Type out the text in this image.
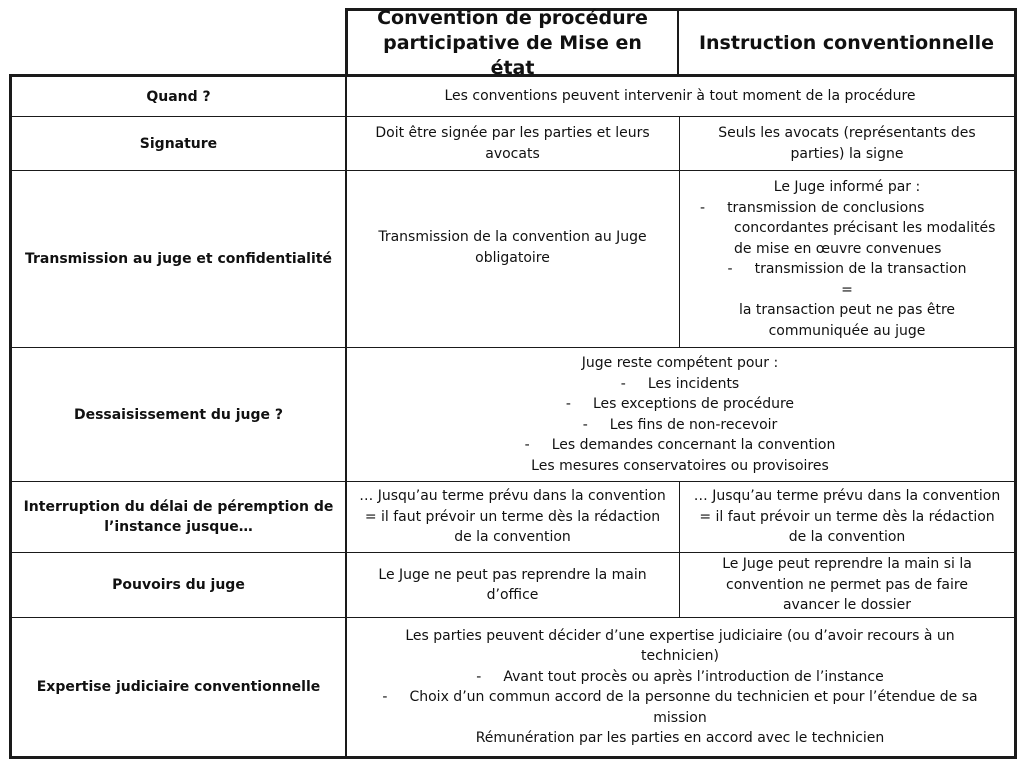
Convention de procédure participative de Mise en état
Instruction conventionnelle
Quand ?	Les conventions peuvent intervenir à tout moment de la procédure
Signature
Doit être signée par les parties et leurs avocats
Seuls les avocats (représentants des parties) la signe
Transmission au juge et confidentialité
Transmission de la convention au Juge obligatoire
Le Juge informé par :
- transmission de conclusions concordantes précisant les modalités de mise en œuvre convenues
- transmission de la transaction
=
la transaction peut ne pas être communiquée au juge
Dessaisissement du juge ?
Juge reste compétent pour :
- Les incidents
- Les exceptions de procédure
- Les fins de non-recevoir
- Les demandes concernant la convention
Les mesures conservatoires ou provisoires
Interruption du délai de péremption de l’instance jusque…
… Jusqu’au terme prévu dans la convention = il faut prévoir un terme dès la rédaction de la convention
… Jusqu’au terme prévu dans la convention = il faut prévoir un terme dès la rédaction de la convention
Pouvoirs du juge
Le Juge ne peut pas reprendre la main d’office
Le Juge peut reprendre la main si la convention ne permet pas de faire avancer le dossier
Expertise judiciaire conventionnelle
Les parties peuvent décider d’une expertise judiciaire (ou d’avoir recours à un technicien)
- Avant tout procès ou après l’introduction de l’instance
- Choix d’un commun accord de la personne du technicien et pour l’étendue de sa mission
Rémunération par les parties en accord avec le technicien
